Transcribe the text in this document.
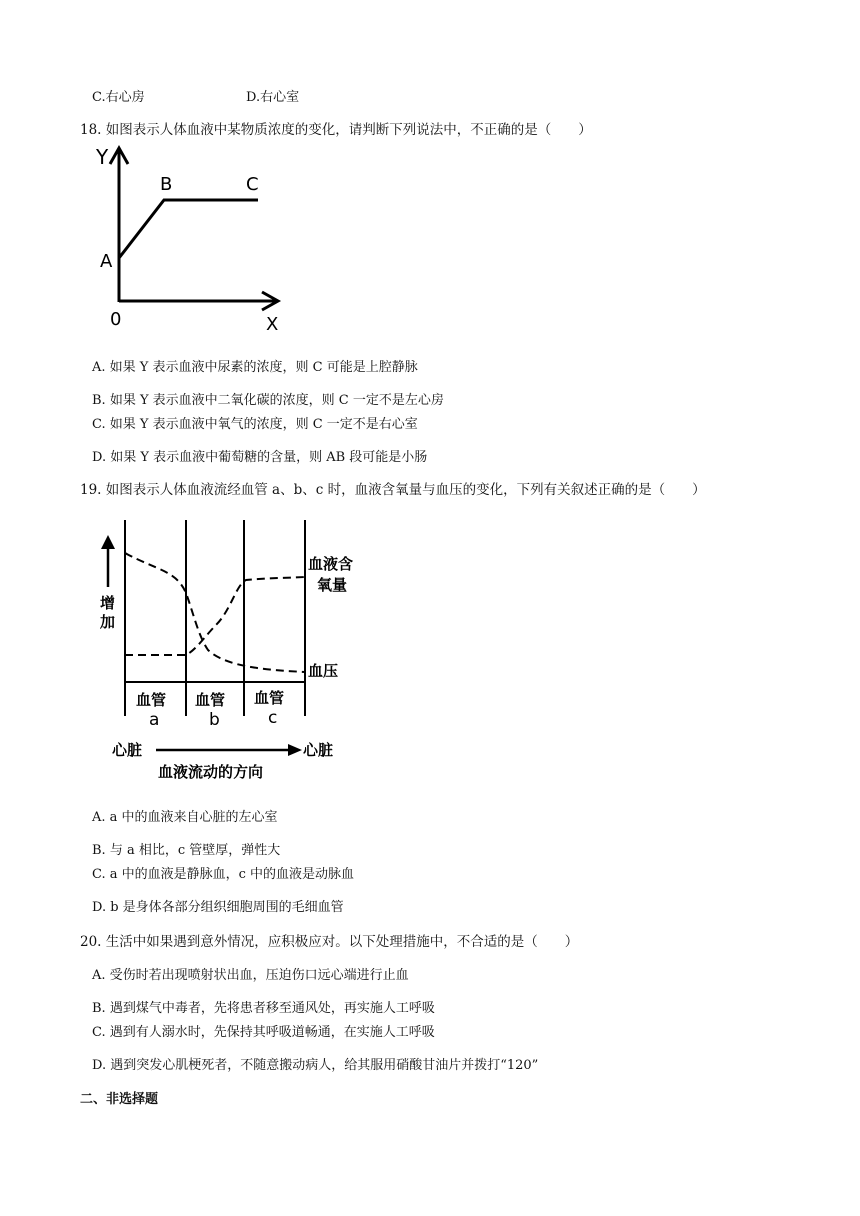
C.右心房	D.右心室
18. 如图表示人体血液中某物质浓度的变化，请判断下列说法中，不正确的是（　　）
Y
A
B	C
0	X
A. 如果 Y 表示血液中尿素的浓度，则 C 可能是上腔静脉
B. 如果 Y 表示血液中二氧化碳的浓度，则 C 一定不是左心房
C. 如果 Y 表示血液中氧气的浓度，则 C 一定不是右心室
D. 如果 Y 表示血液中葡萄糖的含量，则 AB 段可能是小肠
19. 如图表示人体血液流经血管 a、b、c 时，血液含氧量与血压的变化，下列有关叙述正确的是（　　）
增
加
血液含
氧量
血压
血管
a
血管
b
血管
c
心脏	心脏
血液流动的方向
A. a 中的血液来自心脏的左心室
B. 与 a 相比，c 管壁厚，弹性大
C. a 中的血液是静脉血，c 中的血液是动脉血
D. b 是身体各部分组织细胞周围的毛细血管
20. 生活中如果遇到意外情况，应积极应对。以下处理措施中，不合适的是（　　）
A. 受伤时若出现喷射状出血，压迫伤口远心端进行止血
B. 遇到煤气中毒者，先将患者移至通风处，再实施人工呼吸
C. 遇到有人溺水时，先保持其呼吸道畅通，在实施人工呼吸
D. 遇到突发心肌梗死者，不随意搬动病人，给其服用硝酸甘油片并拨打“120”
二、非选择题
